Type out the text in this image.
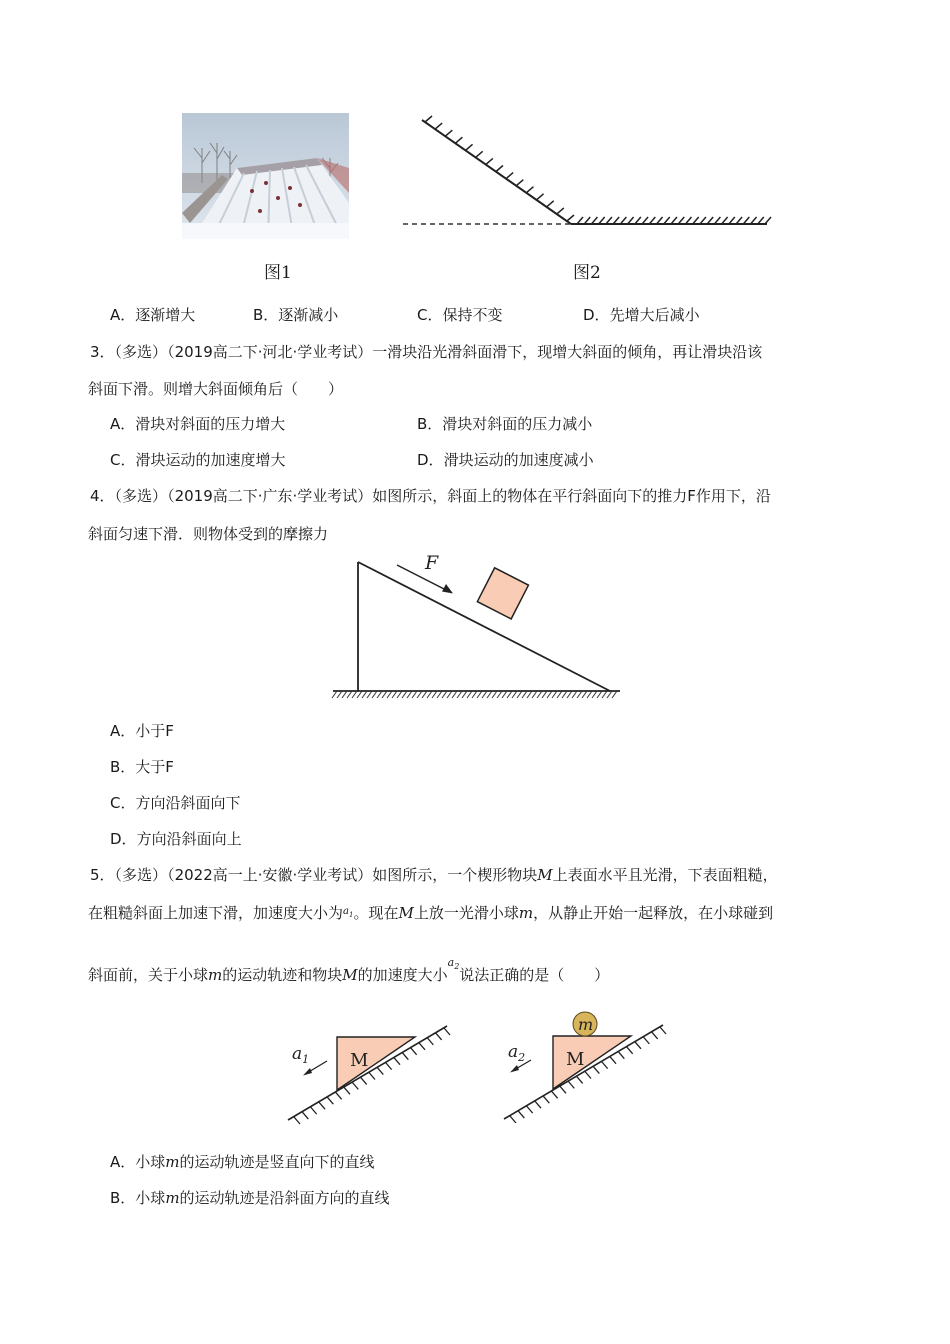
图1	图2
A．逐渐增大	B．逐渐减小	C．保持不变	D．先增大后减小
3．（多选）（2019高二下·河北·学业考试）一滑块沿光滑斜面滑下，现增大斜面的倾角，再让滑块沿该
斜面下滑。则增大斜面倾角后（　　）
A．滑块对斜面的压力增大	B．滑块对斜面的压力减小
C．滑块运动的加速度增大	D．滑块运动的加速度减小
4．（多选）（2019高二下·广东·学业考试）如图所示，斜面上的物体在平行斜面向下的推力F作用下，沿
斜面匀速下滑．则物体受到的摩擦力
F
A．小于F
B．大于F
C．方向沿斜面向下
D．方向沿斜面向上
5．（多选）（2022高一上·安徽·学业考试）如图所示，一个楔形物块M上表面水平且光滑，下表面粗糙，
在粗糙斜面上加速下滑，加速度大小为$^{a_1}$。现在M上放一光滑小球m，从静止开始一起释放，在小球碰到
斜面前，关于小球m的运动轨迹和物块M的加速度大小$^{a_2}$说法正确的是（　　）
M
$a_1$	M
m
$a_2$
A．小球m的运动轨迹是竖直向下的直线
B．小球m的运动轨迹是沿斜面方向的直线
